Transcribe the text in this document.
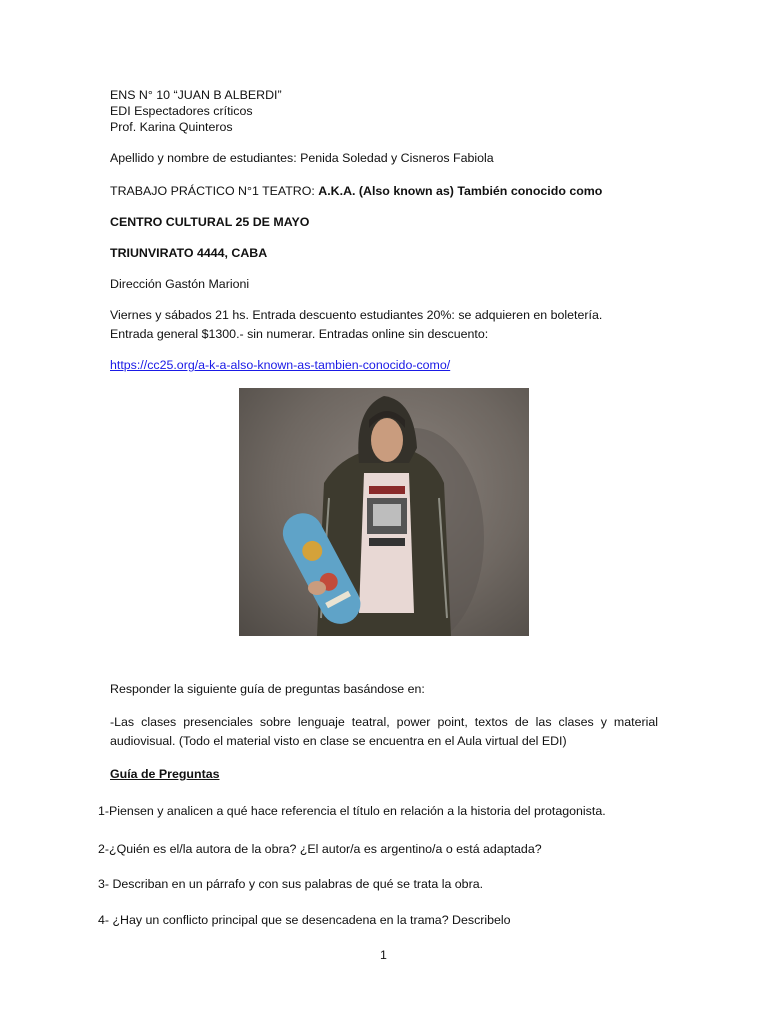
ENS N° 10 “JUAN B ALBERDI”
EDI Espectadores críticos
Prof. Karina Quinteros
Apellido y nombre de estudiantes: Penida Soledad y Cisneros Fabiola
TRABAJO PRÁCTICO N°1 TEATRO: A.K.A. (Also known as) También conocido como
CENTRO CULTURAL 25 DE MAYO
TRIUNVIRATO 4444, CABA
Dirección Gastón Marioni
Viernes y sábados 21 hs. Entrada descuento estudiantes 20%: se adquieren en boletería.
Entrada general $1300.- sin numerar. Entradas online sin descuento:
https://cc25.org/a-k-a-also-known-as-tambien-conocido-como/
Responder la siguiente guía de preguntas basándose en:
-Las clases presenciales sobre lenguaje teatral, power point, textos de las clases y material audiovisual. (Todo el material visto en clase se encuentra en el Aula virtual del EDI)
Guía de Preguntas
1-Piensen y analicen a qué hace referencia el título en relación a la historia del protagonista.
2-¿Quién es el/la autora de la obra? ¿El autor/a es argentino/a o está adaptada?
3- Describan en un párrafo y con sus palabras de qué se trata la obra.
4- ¿Hay un conflicto principal que se desencadena en la trama? Describelo
1
